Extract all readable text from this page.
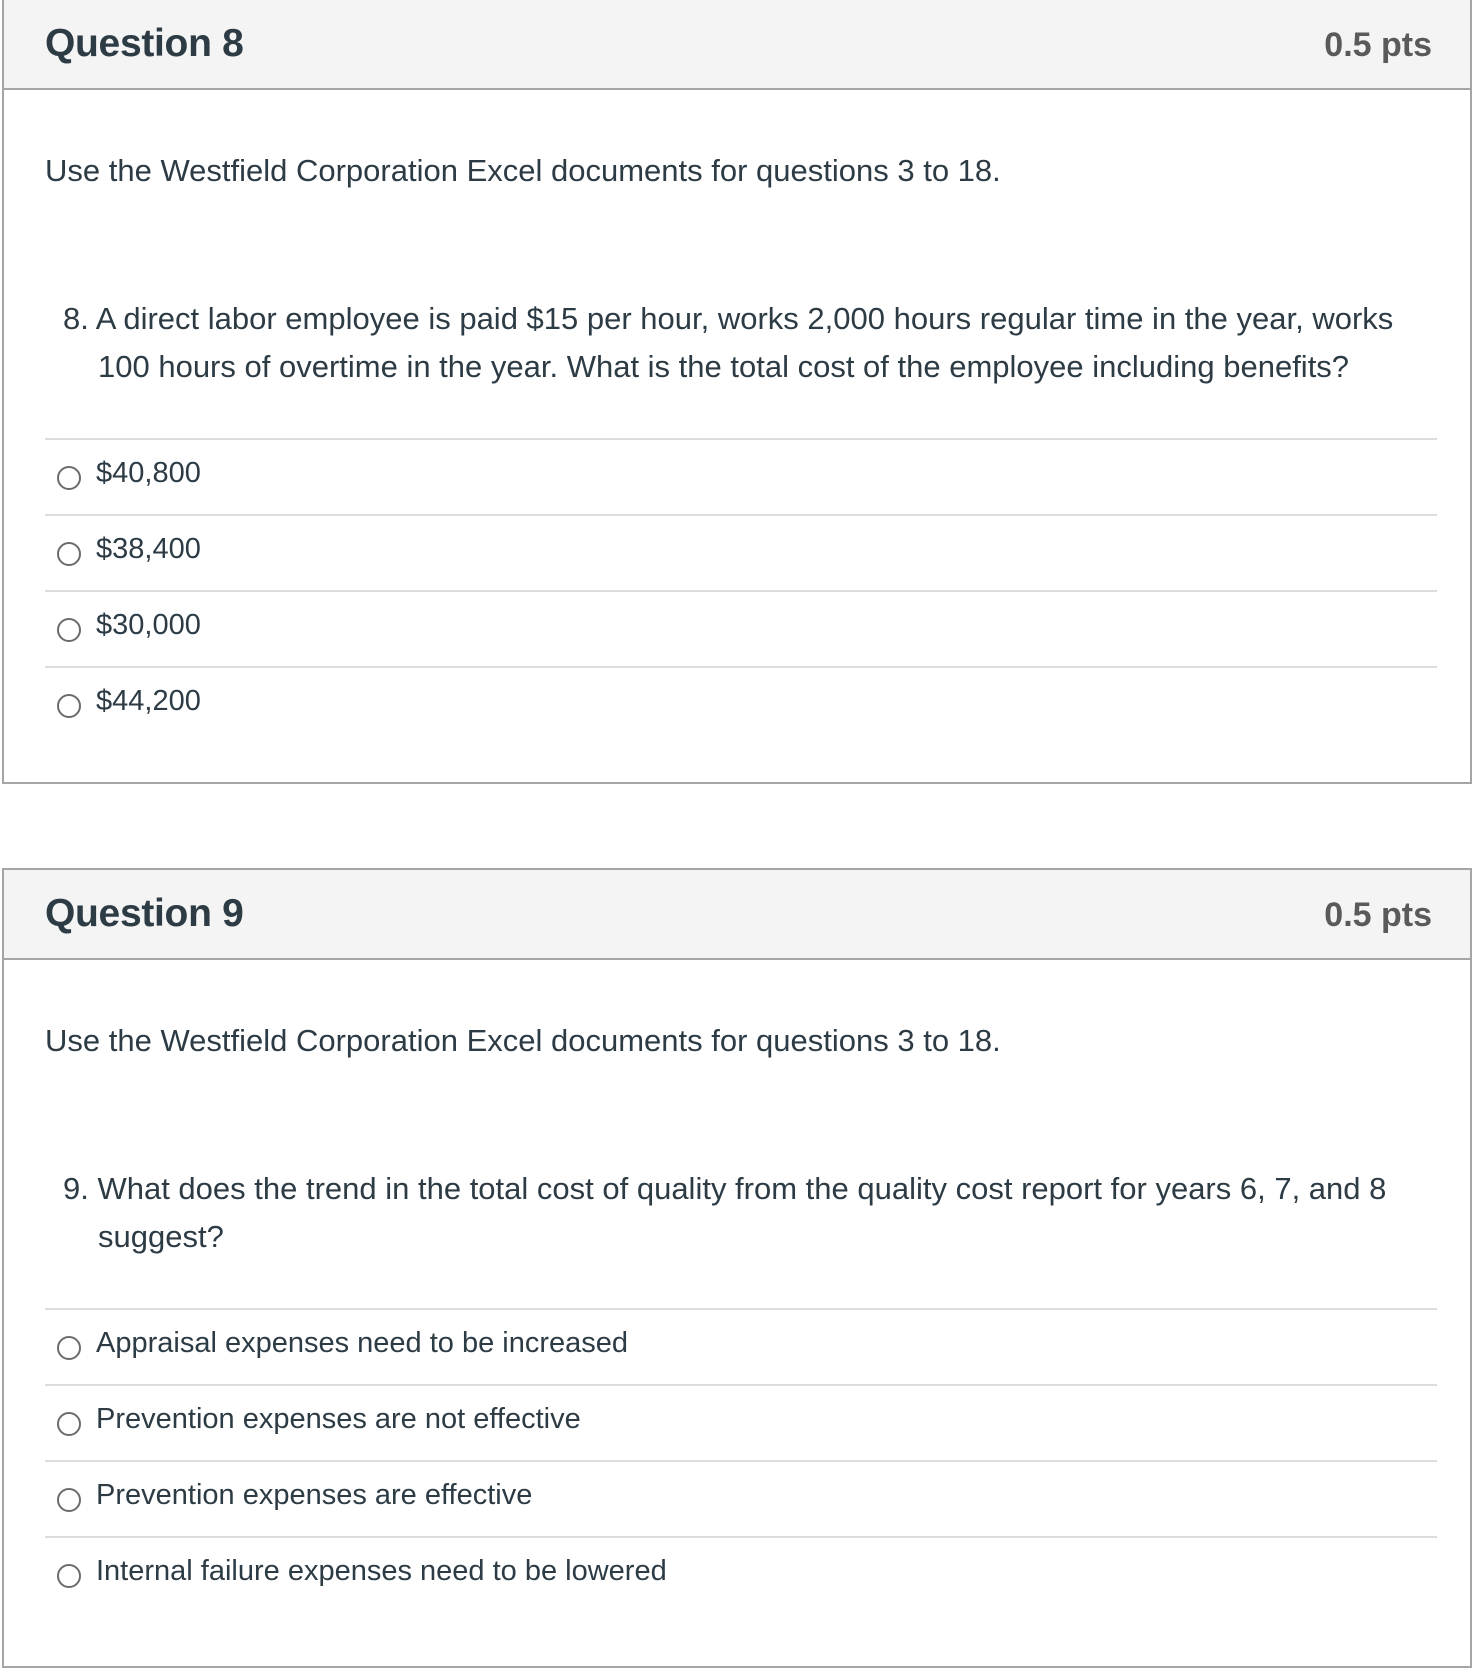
Question 8	0.5 pts
Use the Westfield Corporation Excel documents for questions 3 to 18.
8. A direct labor employee is paid $15 per hour, works 2,000 hours regular time in the year, works 100 hours of overtime in the year. What is the total cost of the employee including benefits?
$40,800
$38,400
$30,000
$44,200
Question 9	0.5 pts
Use the Westfield Corporation Excel documents for questions 3 to 18.
9. What does the trend in the total cost of quality from the quality cost report for years 6, 7, and 8 suggest?
Appraisal expenses need to be increased
Prevention expenses are not effective
Prevention expenses are effective
Internal failure expenses need to be lowered
